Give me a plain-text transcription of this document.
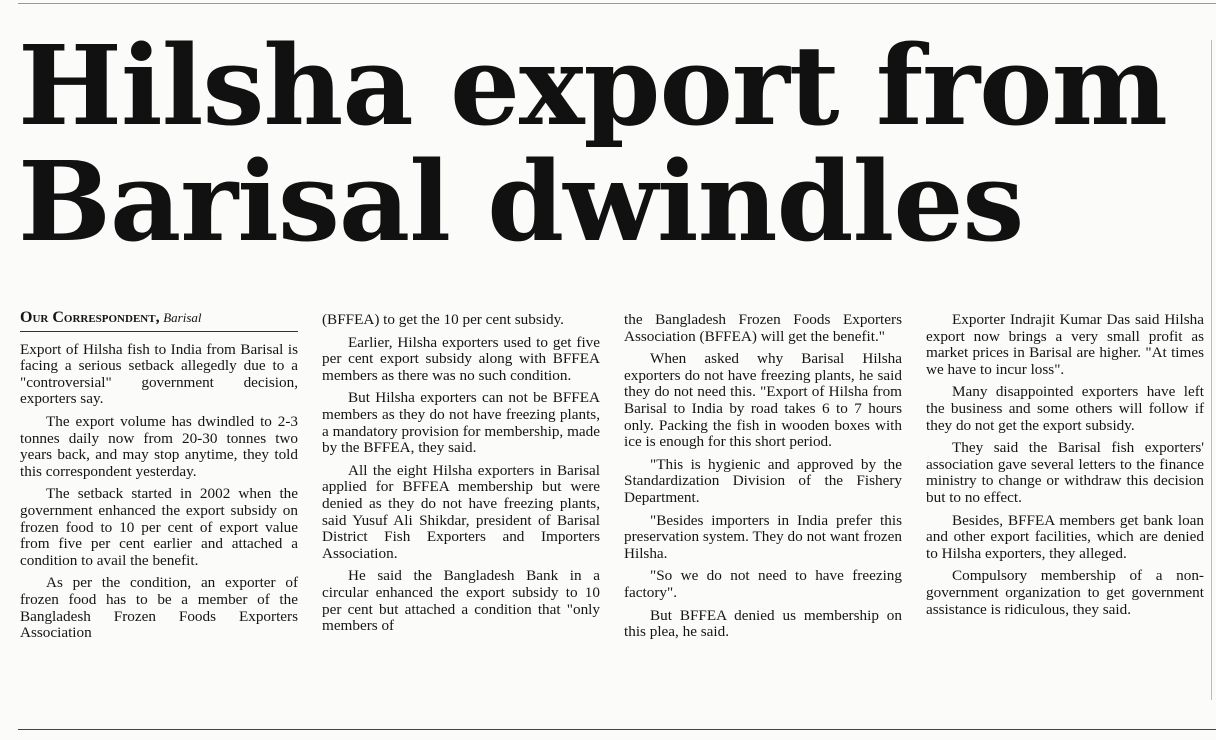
Hilsha export from
Barisal dwindles
Our Correspondent, Barisal

Export of Hilsha fish to India from Barisal is facing a serious setback allegedly due to a "controversial" government decision, exporters say.

The export volume has dwindled to 2-3 tonnes daily now from 20-30 tonnes two years back, and may stop anytime, they told this correspondent yesterday.

The setback started in 2002 when the government enhanced the export subsidy on frozen food to 10 per cent of export value from five per cent earlier and attached a condition to avail the benefit.

As per the condition, an exporter of frozen food has to be a member of the Bangladesh Frozen Foods Exporters Association

(BFFEA) to get the 10 per cent subsidy.

Earlier, Hilsha exporters used to get five per cent export subsidy along with BFFEA members as there was no such condition.

But Hilsha exporters can not be BFFEA members as they do not have freezing plants, a mandatory provision for membership, made by the BFFEA, they said.

All the eight Hilsha exporters in Barisal applied for BFFEA membership but were denied as they do not have freezing plants, said Yusuf Ali Shikdar, president of Barisal District Fish Exporters and Importers Association.

He said the Bangladesh Bank in a circular enhanced the export subsidy to 10 per cent but attached a condition that "only members of

the Bangladesh Frozen Foods Exporters Association (BFFEA) will get the benefit."

When asked why Barisal Hilsha exporters do not have freezing plants, he said they do not need this. "Export of Hilsha from Barisal to India by road takes 6 to 7 hours only. Packing the fish in wooden boxes with ice is enough for this short period.

"This is hygienic and approved by the Standardization Division of the Fishery Department.

"Besides importers in India prefer this preservation system. They do not want frozen Hilsha.

"So we do not need to have freezing factory".

But BFFEA denied us membership on this plea, he said.

Exporter Indrajit Kumar Das said Hilsha export now brings a very small profit as market prices in Barisal are higher. "At times we have to incur loss".

Many disappointed exporters have left the business and some others will follow if they do not get the export subsidy.

They said the Barisal fish exporters' association gave several letters to the finance ministry to change or withdraw this decision but to no effect.

Besides, BFFEA members get bank loan and other export facilities, which are denied to Hilsha exporters, they alleged.

Compulsory membership of a non-government organization to get government assistance is ridiculous, they said.
